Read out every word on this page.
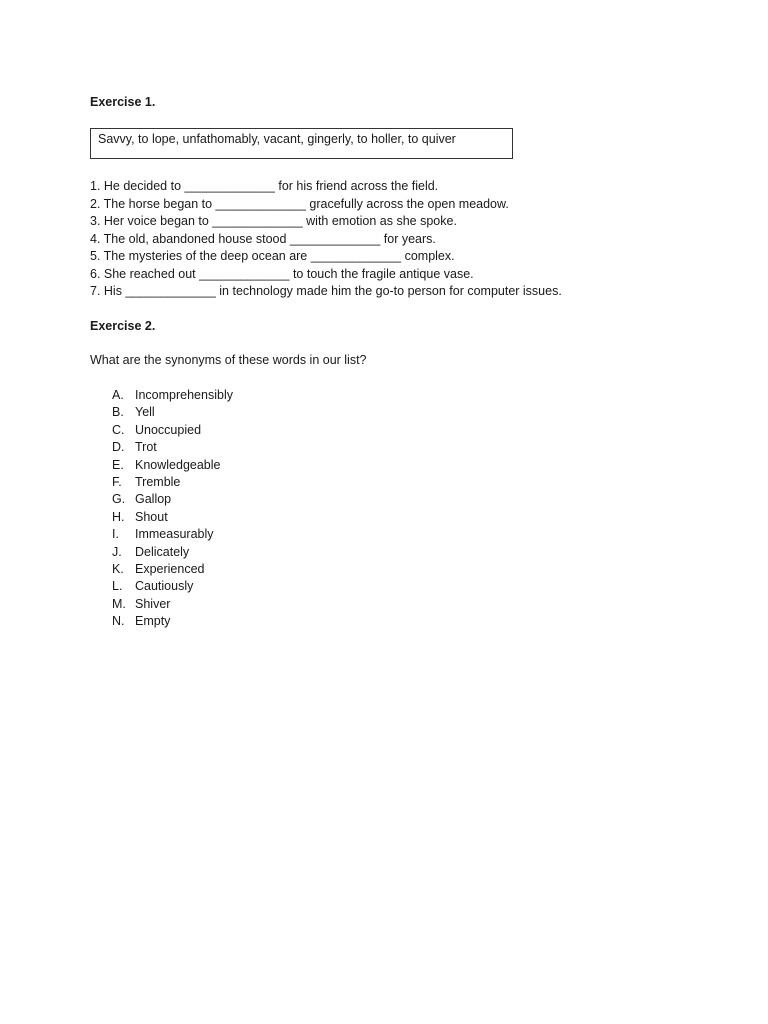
Exercise 1.
Savvy, to lope, unfathomably, vacant, gingerly, to holler, to quiver
1. He decided to _____________ for his friend across the field.
2. The horse began to _____________ gracefully across the open meadow.
3. Her voice began to _____________ with emotion as she spoke.
4. The old, abandoned house stood _____________ for years.
5. The mysteries of the deep ocean are _____________ complex.
6. She reached out _____________ to touch the fragile antique vase.
7. His _____________ in technology made him the go-to person for computer issues.
Exercise 2.
What are the synonyms of these words in our list?
A. Incomprehensibly
B. Yell
C. Unoccupied
D. Trot
E. Knowledgeable
F. Tremble
G. Gallop
H. Shout
I. Immeasurably
J. Delicately
K. Experienced
L. Cautiously
M. Shiver
N. Empty
